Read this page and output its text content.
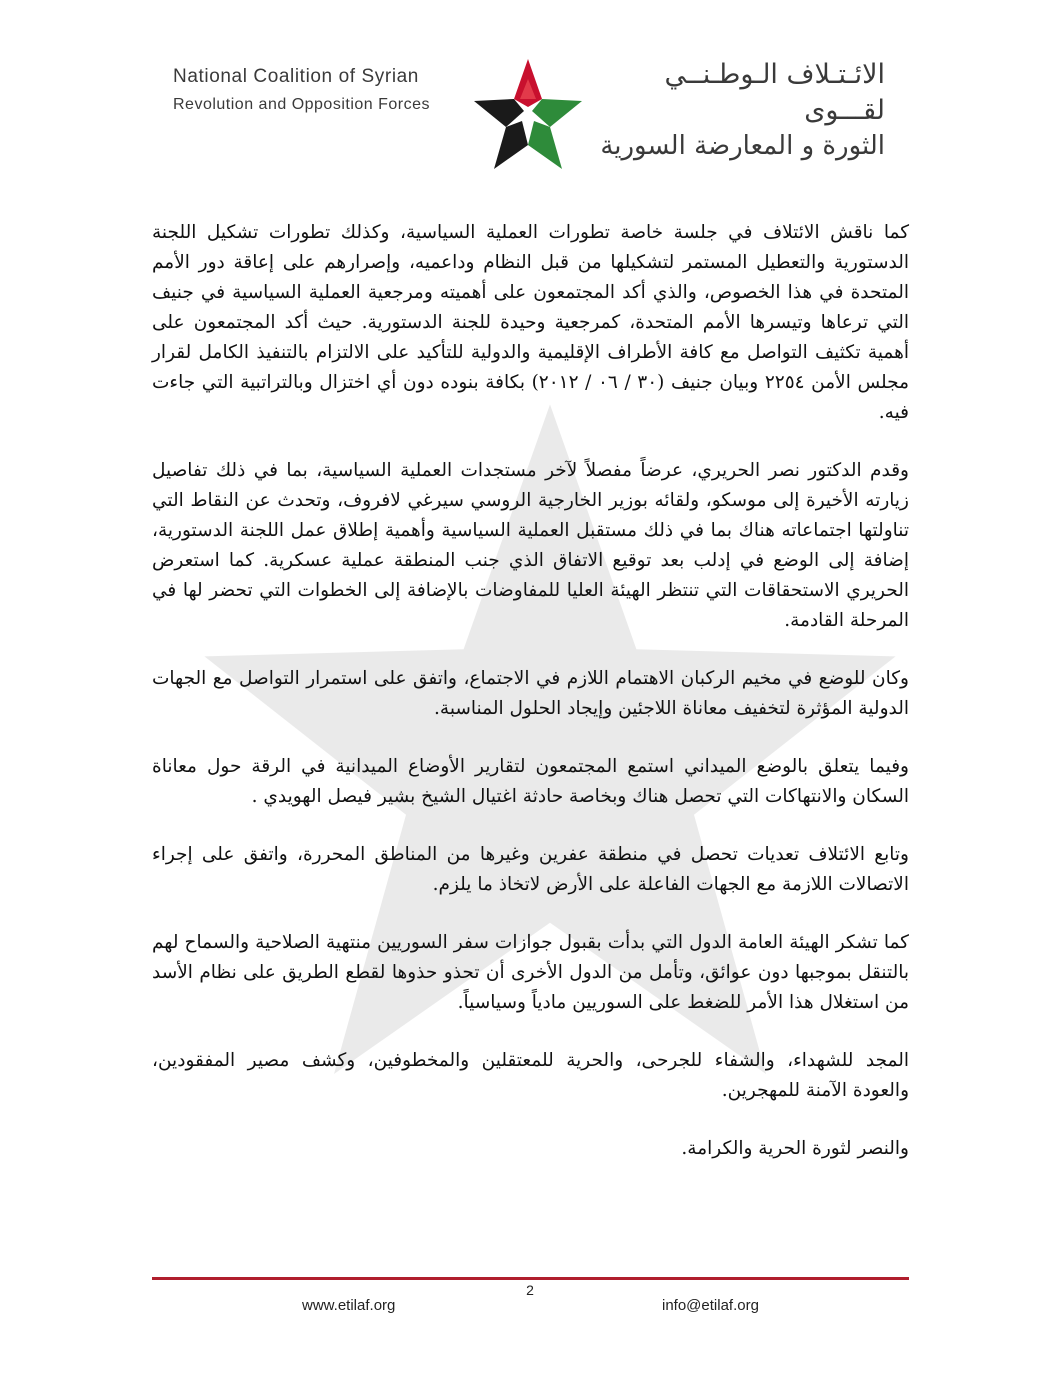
National Coalition of Syrian
Revolution and Opposition Forces
الائـتـلاف الـوطـنــي لقـــوى
الثورة و المعارضة السورية

كما ناقش الائتلاف في جلسة خاصة تطورات العملية السياسية، وكذلك تطورات تشكيل اللجنة الدستورية والتعطيل المستمر لتشكيلها من قبل النظام وداعميه، وإصرارهم على إعاقة دور الأمم المتحدة في هذا الخصوص، والذي أكد المجتمعون على أهميته ومرجعية العملية السياسية في جنيف التي ترعاها وتيسرها الأمم المتحدة، كمرجعية وحيدة للجنة الدستورية. حيث أكد المجتمعون على أهمية تكثيف التواصل مع كافة الأطراف الإقليمية والدولية للتأكيد على الالتزام بالتنفيذ الكامل لقرار مجلس الأمن ٢٢٥٤ وبيان جنيف (٣٠ / ٠٦ / ٢٠١٢) بكافة بنوده دون أي اختزال وبالتراتبية التي جاءت فيه.

وقدم الدكتور نصر الحريري، عرضاً مفصلاً لآخر مستجدات العملية السياسية، بما في ذلك تفاصيل زيارته الأخيرة إلى موسكو، ولقائه بوزير الخارجية الروسي سيرغي لافروف، وتحدث عن النقاط التي تناولتها اجتماعاته هناك بما في ذلك مستقبل العملية السياسية وأهمية إطلاق عمل اللجنة الدستورية، إضافة إلى الوضع في إدلب بعد توقيع الاتفاق الذي جنب المنطقة عملية عسكرية. كما استعرض الحريري الاستحقاقات التي تنتظر الهيئة العليا للمفاوضات بالإضافة إلى الخطوات التي تحضر لها في المرحلة القادمة.

وكان للوضع في مخيم الركبان الاهتمام اللازم في الاجتماع، واتفق على استمرار التواصل مع الجهات الدولية المؤثرة لتخفيف معاناة اللاجئين وإيجاد الحلول المناسبة.

وفيما يتعلق بالوضع الميداني استمع المجتمعون لتقارير الأوضاع الميدانية في الرقة حول معاناة السكان والانتهاكات التي تحصل هناك وبخاصة حادثة اغتيال الشيخ بشير فيصل الهويدي .

وتابع الائتلاف تعديات تحصل في منطقة عفرين وغيرها من المناطق المحررة، واتفق على إجراء الاتصالات اللازمة مع الجهات الفاعلة على الأرض لاتخاذ ما يلزم.

كما تشكر الهيئة العامة الدول التي بدأت بقبول جوازات سفر السوريين منتهية الصلاحية والسماح لهم بالتنقل بموجبها دون عوائق، وتأمل من الدول الأخرى أن تحذو حذوها لقطع الطريق على نظام الأسد من استغلال هذا الأمر للضغط على السوريين مادياً وسياسياً.

المجد للشهداء، والشفاء للجرحى، والحرية للمعتقلين والمخطوفين، وكشف مصير المفقودين، والعودة الآمنة للمهجرين.

والنصر لثورة الحرية والكرامة.

2
www.etilaf.org	info@etilaf.org
